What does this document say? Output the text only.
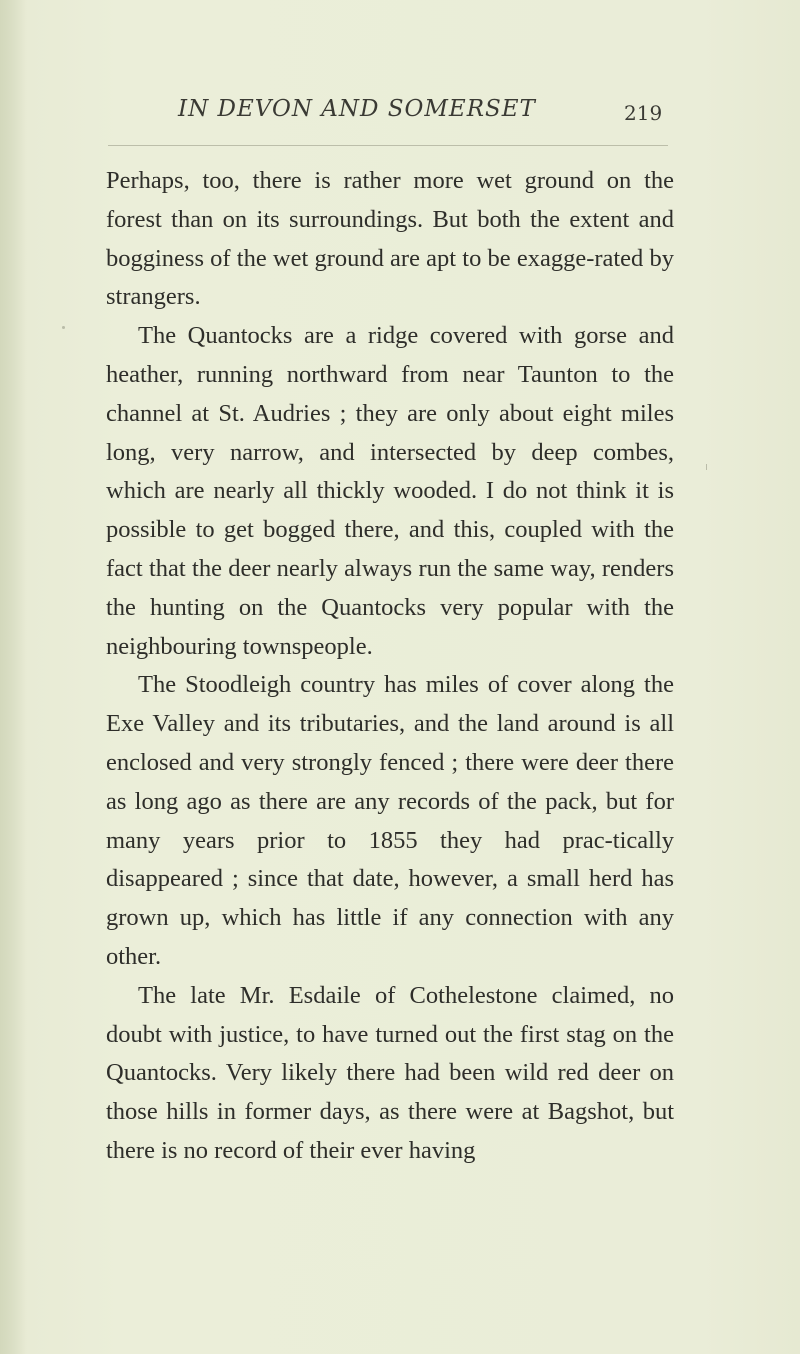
IN DEVON AND SOMERSET	219

Perhaps, too, there is rather more wet ground on the forest than on its surroundings. But both the extent and bogginess of the wet ground are apt to be exagge-rated by strangers.

The Quantocks are a ridge covered with gorse and heather, running northward from near Taunton to the channel at St. Audries ; they are only about eight miles long, very narrow, and intersected by deep combes, which are nearly all thickly wooded. I do not think it is possible to get bogged there, and this, coupled with the fact that the deer nearly always run the same way, renders the hunting on the Quantocks very popular with the neighbouring townspeople.

The Stoodleigh country has miles of cover along the Exe Valley and its tributaries, and the land around is all enclosed and very strongly fenced ; there were deer there as long ago as there are any records of the pack, but for many years prior to 1855 they had prac-tically disappeared ; since that date, however, a small herd has grown up, which has little if any connection with any other.

The late Mr. Esdaile of Cothelestone claimed, no doubt with justice, to have turned out the first stag on the Quantocks. Very likely there had been wild red deer on those hills in former days, as there were at Bagshot, but there is no record of their ever having
